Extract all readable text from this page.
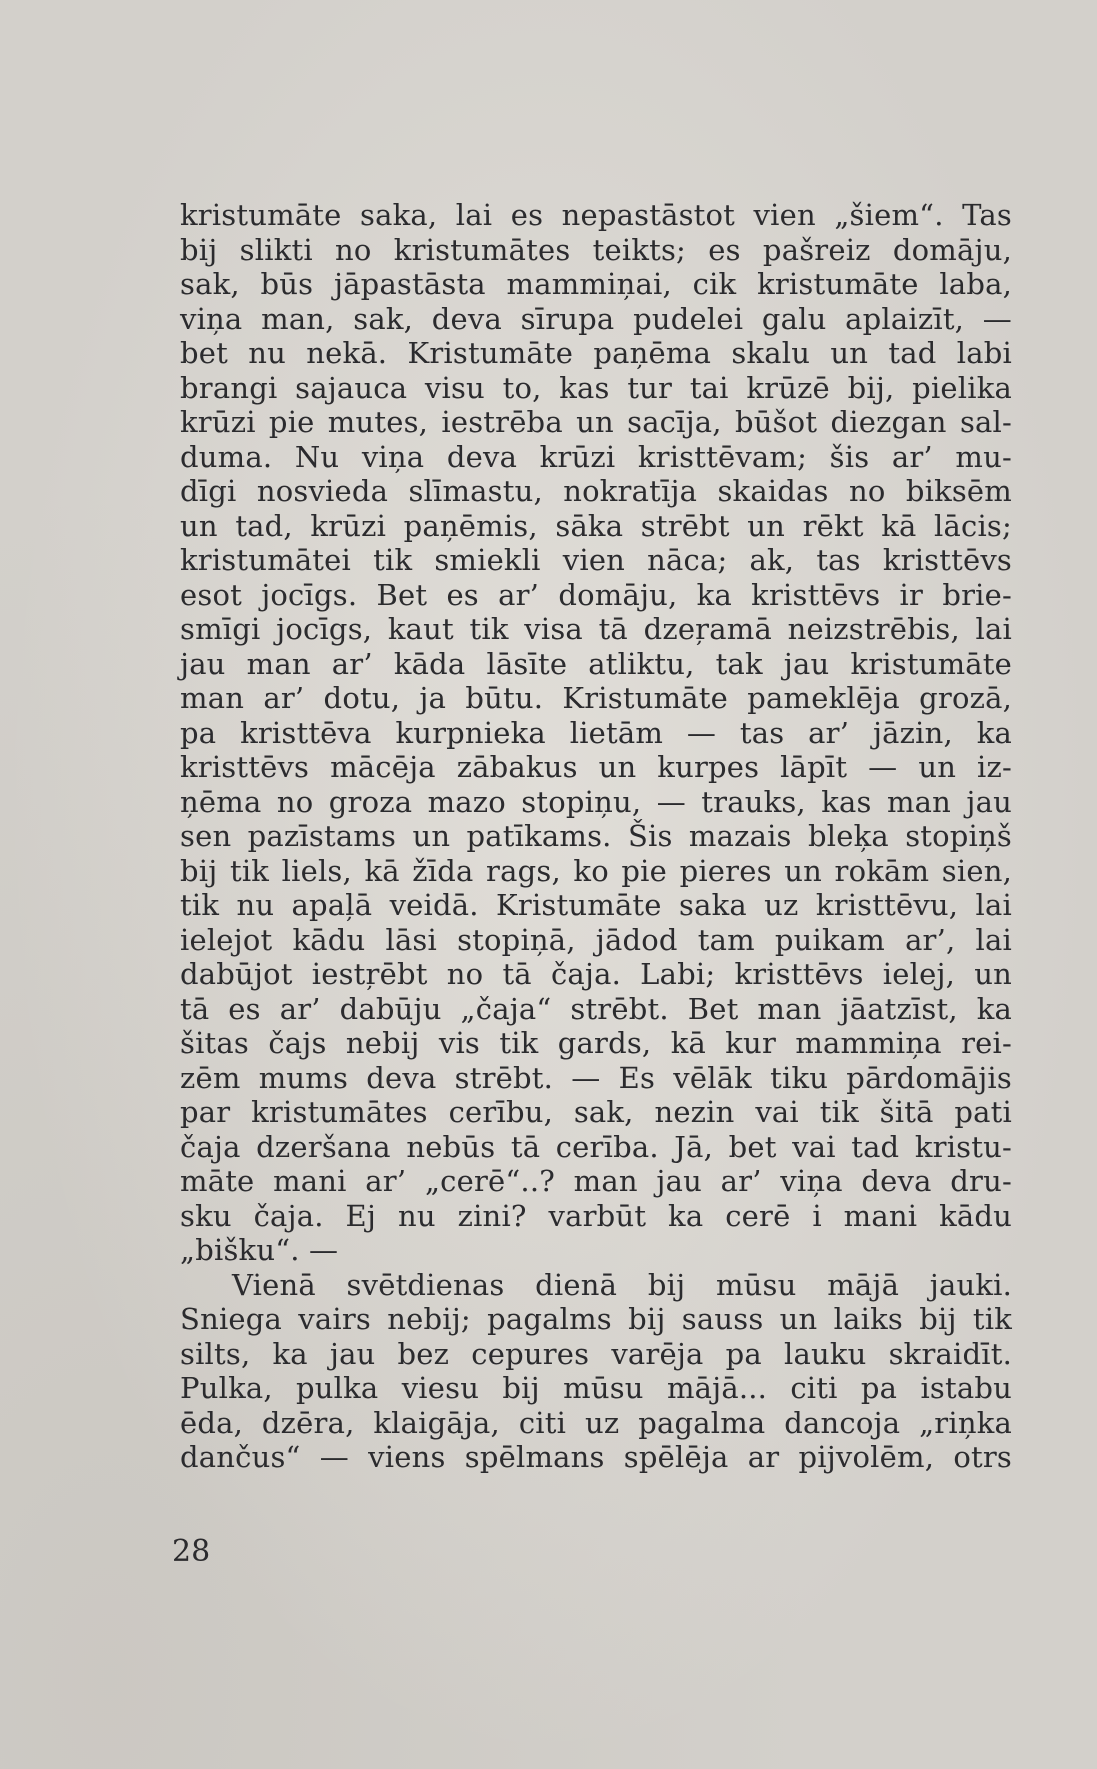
kristumāte saka, lai es nepastāstot vien „šiem“. Tas
bij slikti no kristumātes teikts; es pašreiz domāju,
sak, būs jāpastāsta mammiņai, cik kristumāte laba,
viņa man, sak, deva sīrupa pudelei galu aplaizīt, —
bet nu nekā. Kristumāte paņēma skalu un tad labi
brangi sajauca visu to, kas tur tai krūzē bij, pielika
krūzi pie mutes, iestrēba un sacīja, būšot diezgan sal-
duma. Nu viņa deva krūzi kristtēvam; šis ar’ mu-
dīgi nosvieda slīmastu, nokratīja skaidas no biksēm
un tad, krūzi paņēmis, sāka strēbt un rēkt kā lācis;
kristumātei tik smiekli vien nāca; ak, tas kristtēvs
esot jocīgs. Bet es ar’ domāju, ka kristtēvs ir brie-
smīgi jocīgs, kaut tik visa tā dzeŗamā neizstrēbis, lai
jau man ar’ kāda lāsīte atliktu, tak jau kristumāte
man ar’ dotu, ja būtu. Kristumāte pameklēja grozā,
pa kristtēva kurpnieka lietām — tas ar’ jāzin, ka
kristtēvs mācēja zābakus un kurpes lāpīt — un iz-
ņēma no groza mazo stopiņu, — trauks, kas man jau
sen pazīstams un patīkams. Šis mazais bleķa stopiņš
bij tik liels, kā žīda rags, ko pie pieres un rokām sien,
tik nu apaļā veidā. Kristumāte saka uz kristtēvu, lai
ielejot kādu lāsi stopiņā, jādod tam puikam ar’, lai
dabūjot iestŗēbt no tā čaja. Labi; kristtēvs ielej, un
tā es ar’ dabūju „čaja“ strēbt. Bet man jāatzīst, ka
šitas čajs nebij vis tik gards, kā kur mammiņa rei-
zēm mums deva strēbt. — Es vēlāk tiku pārdomājis
par kristumātes cerību, sak, nezin vai tik šitā pati
čaja dzeršana nebūs tā cerība. Jā, bet vai tad kristu-
māte mani ar’ „cerē“..? man jau ar’ viņa deva dru-
sku čaja. Ej nu zini? varbūt ka cerē i mani kādu
„bišku“. —
Vienā svētdienas dienā bij mūsu mājā jauki.
Sniega vairs nebij; pagalms bij sauss un laiks bij tik
silts, ka jau bez cepures varēja pa lauku skraidīt.
Pulka, pulka viesu bij mūsu mājā... citi pa istabu
ēda, dzēra, klaigāja, citi uz pagalma dancoja „riņka
dančus“ — viens spēlmans spēlēja ar pijvolēm, otrs
28
